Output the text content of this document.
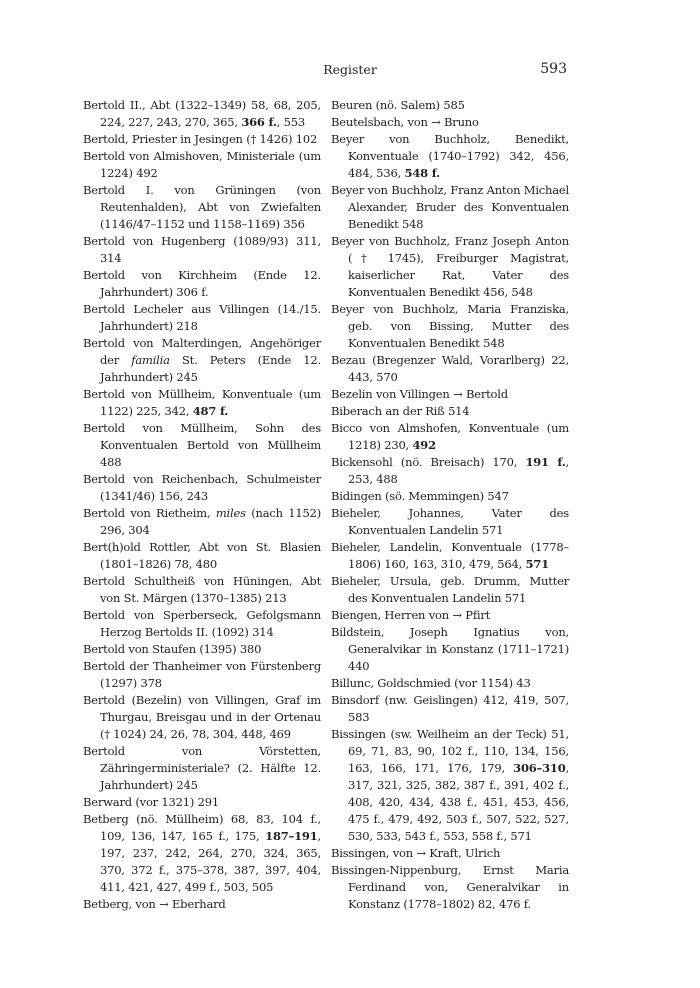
Register	593
Bertold II., Abt (1322–1349) 58, 68, 205, 224, 227, 243, 270, 365, 366 f., 553
Bertold, Priester in Jesingen († 1426) 102
Bertold von Almishoven, Ministeriale (um 1224) 492
Bertold I. von Grüningen (von Reutenhalden), Abt von Zwiefalten (1146/47–1152 und 1158–1169) 356
Bertold von Hugenberg (1089/93) 311, 314
Bertold von Kirchheim (Ende 12. Jahrhundert) 306 f.
Bertold Lecheler aus Villingen (14./15. Jahrhundert) 218
Bertold von Malterdingen, Angehöriger der familia St. Peters (Ende 12. Jahrhundert) 245
Bertold von Müllheim, Konventuale (um 1122) 225, 342, 487 f.
Bertold von Müllheim, Sohn des Konventualen Bertold von Müllheim 488
Bertold von Reichenbach, Schulmeister (1341/46) 156, 243
Bertold von Rietheim, miles (nach 1152) 296, 304
Bert(h)old Rottler, Abt von St. Blasien (1801–1826) 78, 480
Bertold Schultheiß von Hüningen, Abt von St. Märgen (1370–1385) 213
Bertold von Sperberseck, Gefolgsmann Herzog Bertolds II. (1092) 314
Bertold von Staufen (1395) 380
Bertold der Thanheimer von Fürstenberg (1297) 378
Bertold (Bezelin) von Villingen, Graf im Thurgau, Breisgau und in der Ortenau († 1024) 24, 26, 78, 304, 448, 469
Bertold von Vörstetten, Zähringerministeriale? (2. Hälfte 12. Jahrhundert) 245
Berward (vor 1321) 291
Betberg (nö. Müllheim) 68, 83, 104 f., 109, 136, 147, 165 f., 175, 187–191, 197, 237, 242, 264, 270, 324, 365, 370, 372 f., 375–378, 387, 397, 404, 411, 421, 427, 499 f., 503, 505
Betberg, von → Eberhard
Beuren (nö. Salem) 585
Beutelsbach, von → Bruno
Beyer von Buchholz, Benedikt, Konventuale (1740–1792) 342, 456, 484, 536, 548 f.
Beyer von Buchholz, Franz Anton Michael Alexander, Bruder des Konventualen Benedikt 548
Beyer von Buchholz, Franz Joseph Anton († 1745), Freiburger Magistrat, kaiserlicher Rat, Vater des Konventualen Benedikt 456, 548
Beyer von Buchholz, Maria Franziska, geb. von Bissing, Mutter des Konventualen Benedikt 548
Bezau (Bregenzer Wald, Vorarlberg) 22, 443, 570
Bezelin von Villingen → Bertold
Biberach an der Riß 514
Bicco von Almshofen, Konventuale (um 1218) 230, 492
Bickensohl (nö. Breisach) 170, 191 f., 253, 488
Bidingen (sö. Memmingen) 547
Bieheler, Johannes, Vater des Konventualen Landelin 571
Bieheler, Landelin, Konventuale (1778–1806) 160, 163, 310, 479, 564, 571
Bieheler, Ursula, geb. Drumm, Mutter des Konventualen Landelin 571
Biengen, Herren von → Pfirt
Bildstein, Joseph Ignatius von, Generalvikar in Konstanz (1711–1721) 440
Billunc, Goldschmied (vor 1154) 43
Binsdorf (nw. Geislingen) 412, 419, 507, 583
Bissingen (sw. Weilheim an der Teck) 51, 69, 71, 83, 90, 102 f., 110, 134, 156, 163, 166, 171, 176, 179, 306–310, 317, 321, 325, 382, 387 f., 391, 402 f., 408, 420, 434, 438 f., 451, 453, 456, 475 f., 479, 492, 503 f., 507, 522, 527, 530, 533, 543 f., 553, 558 f., 571
Bissingen, von → Kraft, Ulrich
Bissingen-Nippenburg, Ernst Maria Ferdinand von, Generalvikar in Konstanz (1778–1802) 82, 476 f.
